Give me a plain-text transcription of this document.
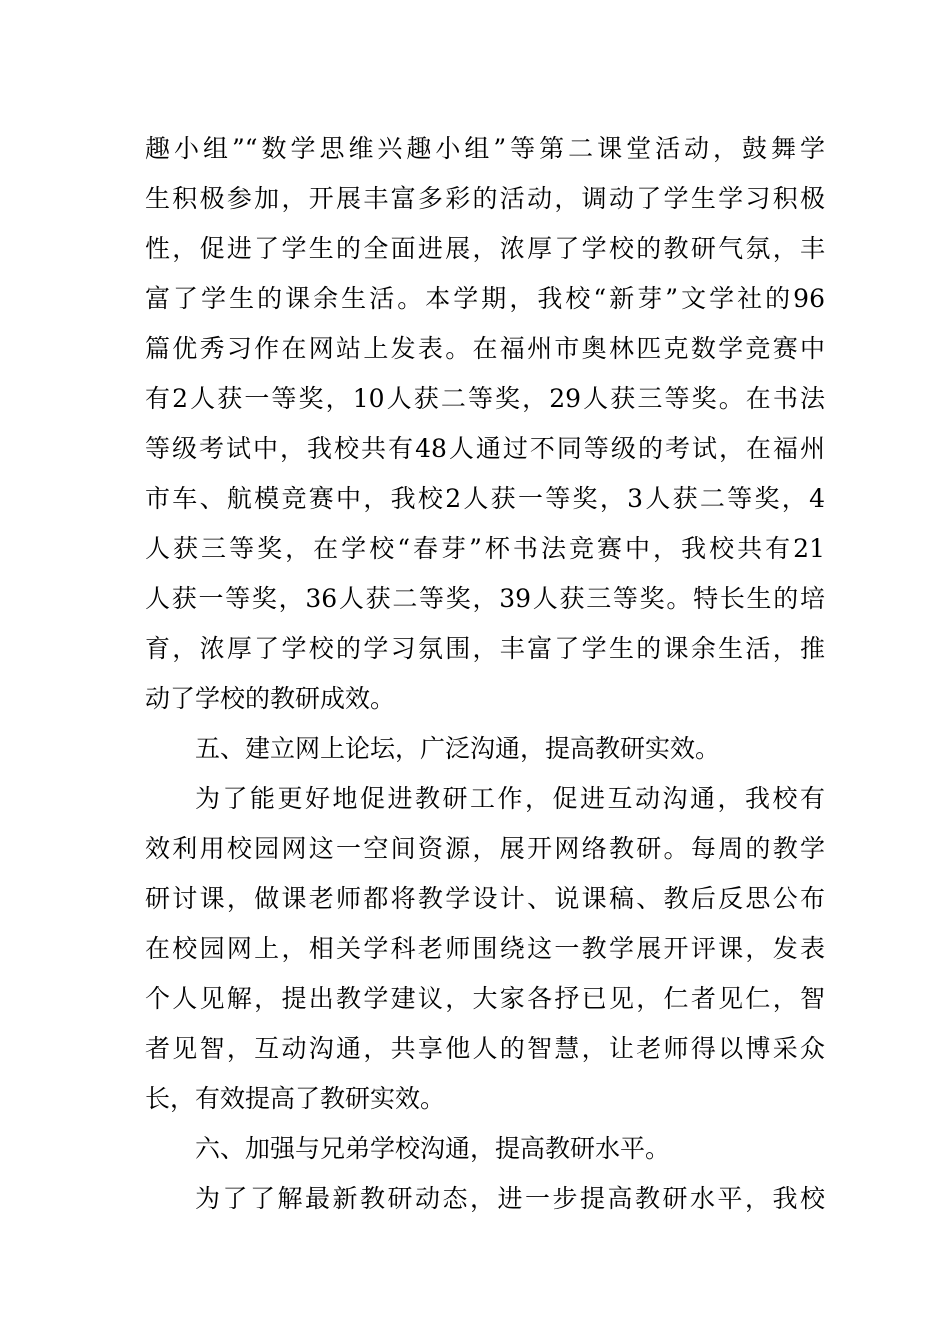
趣小组”“数学思维兴趣小组”等第二课堂活动，鼓舞学
生积极参加，开展丰富多彩的活动，调动了学生学习积极
性，促进了学生的全面进展，浓厚了学校的教研气氛，丰
富了学生的课余生活。本学期，我校“新芽”文学社的96
篇优秀习作在网站上发表。在福州市奥林匹克数学竞赛中
有2人获一等奖，10人获二等奖，29人获三等奖。在书法
等级考试中，我校共有48人通过不同等级的考试，在福州
市车、航模竞赛中，我校2人获一等奖，3人获二等奖，4
人获三等奖，在学校“春芽”杯书法竞赛中，我校共有21
人获一等奖，36人获二等奖，39人获三等奖。特长生的培
育，浓厚了学校的学习氛围，丰富了学生的课余生活，推
动了学校的教研成效。
五、建立网上论坛，广泛沟通，提高教研实效。
为了能更好地促进教研工作，促进互动沟通，我校有
效利用校园网这一空间资源，展开网络教研。每周的教学
研讨课，做课老师都将教学设计、说课稿、教后反思公布
在校园网上，相关学科老师围绕这一教学展开评课，发表
个人见解，提出教学建议，大家各抒已见，仁者见仁，智
者见智，互动沟通，共享他人的智慧，让老师得以博采众
长，有效提高了教研实效。
六、加强与兄弟学校沟通，提高教研水平。
为了了解最新教研动态，进一步提高教研水平，我校
